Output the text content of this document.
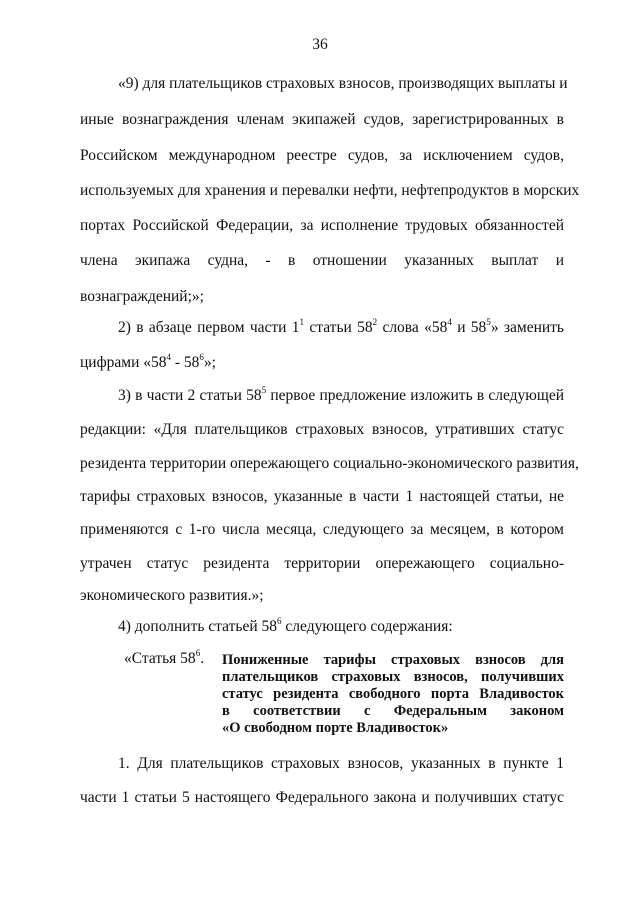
36
«9) для плательщиков страховых взносов, производящих выплаты и
иные вознаграждения членам экипажей судов, зарегистрированных в
Российском международном реестре судов, за исключением судов,
используемых для хранения и перевалки нефти, нефтепродуктов в морских
портах Российской Федерации, за исполнение трудовых обязанностей
члена экипажа судна, - в отношении указанных выплат и
вознаграждений;»;
2) в абзаце первом части $1^1$ статьи $58^2$ слова «$58^4$ и $58^5$» заменить
цифрами «$58^4 - 58^6$»;
3) в части 2 статьи $58^5$ первое предложение изложить в следующей
редакции: «Для плательщиков страховых взносов, утративших статус
резидента территории опережающего социально-экономического развития,
тарифы страховых взносов, указанные в части 1 настоящей статьи, не
применяются с 1-го числа месяца, следующего за месяцем, в котором
утрачен статус резидента территории опережающего социально-
экономического развития.»;
4) дополнить статьей $58^6$ следующего содержания:
«Статья $58^6$. Пониженные тарифы страховых взносов для
плательщиков страховых взносов, получивших
статус резидента свободного порта Владивосток
в соответствии с Федеральным законом
«О свободном порте Владивосток»
1. Для плательщиков страховых взносов, указанных в пункте 1
части 1 статьи 5 настоящего Федерального закона и получивших статус
